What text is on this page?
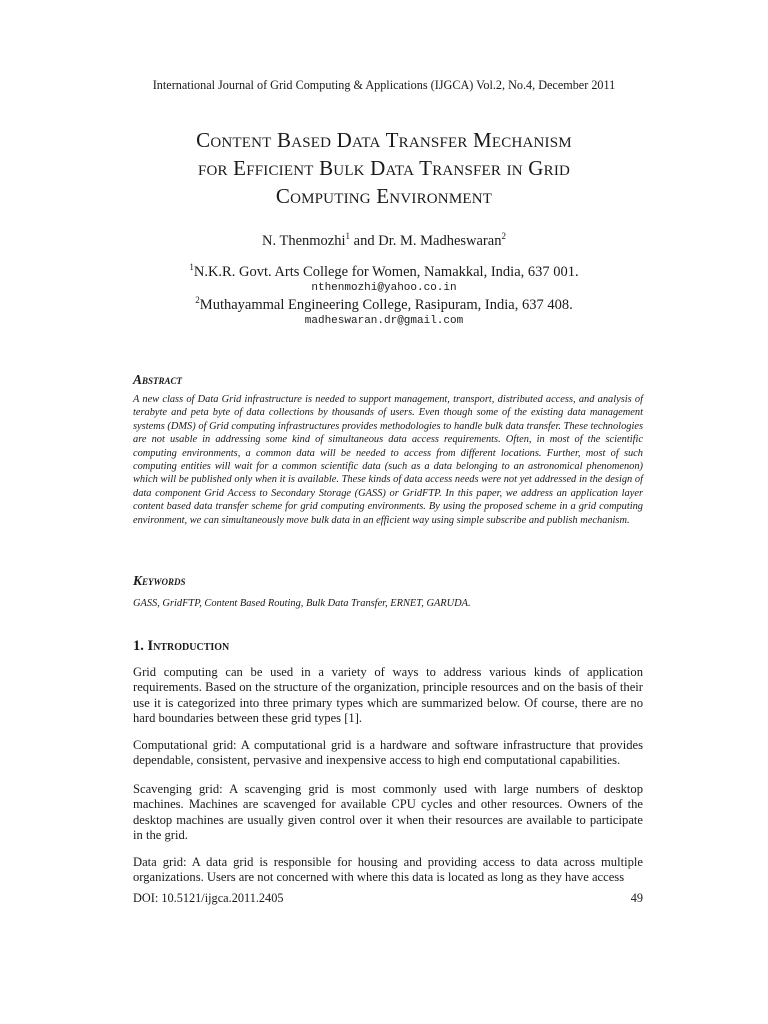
International Journal of Grid Computing & Applications (IJGCA) Vol.2, No.4, December 2011
Content Based Data Transfer Mechanism
for Efficient Bulk Data Transfer in Grid
Computing Environment
N. Thenmozhi$^1$ and Dr. M. Madheswaran$^2$
$^1$N.K.R. Govt. Arts College for Women, Namakkal, India, 637 001.
nthenmozhi@yahoo.co.in
$^2$Muthayammal Engineering College, Rasipuram, India, 637 408.
madheswaran.dr@gmail.com
Abstract
A new class of Data Grid infrastructure is needed to support management, transport, distributed access, and analysis of terabyte and peta byte of data collections by thousands of users. Even though some of the existing data management systems (DMS) of Grid computing infrastructures provides methodologies to handle bulk data transfer. These technologies are not usable in addressing some kind of simultaneous data access requirements. Often, in most of the scientific computing environments, a common data will be needed to access from different locations. Further, most of such computing entities will wait for a common scientific data (such as a data belonging to an astronomical phenomenon) which will be published only when it is available. These kinds of data access needs were not yet addressed in the design of data component Grid Access to Secondary Storage (GASS) or GridFTP. In this paper, we address an application layer content based data transfer scheme for grid computing environments. By using the proposed scheme in a grid computing environment, we can simultaneously move bulk data in an efficient way using simple subscribe and publish mechanism.
Keywords
GASS, GridFTP, Content Based Routing, Bulk Data Transfer, ERNET, GARUDA.
1. Introduction
Grid computing can be used in a variety of ways to address various kinds of application requirements. Based on the structure of the organization, principle resources and on the basis of their use it is categorized into three primary types which are summarized below. Of course, there are no hard boundaries between these grid types [1].
Computational grid: A computational grid is a hardware and software infrastructure that provides dependable, consistent, pervasive and inexpensive access to high end computational capabilities.
Scavenging grid: A scavenging grid is most commonly used with large numbers of desktop machines. Machines are scavenged for available CPU cycles and other resources. Owners of the desktop machines are usually given control over it when their resources are available to participate in the grid.
Data grid: A data grid is responsible for housing and providing access to data across multiple organizations. Users are not concerned with where this data is located as long as they have access
DOI: 10.5121/ijgca.2011.2405	49
